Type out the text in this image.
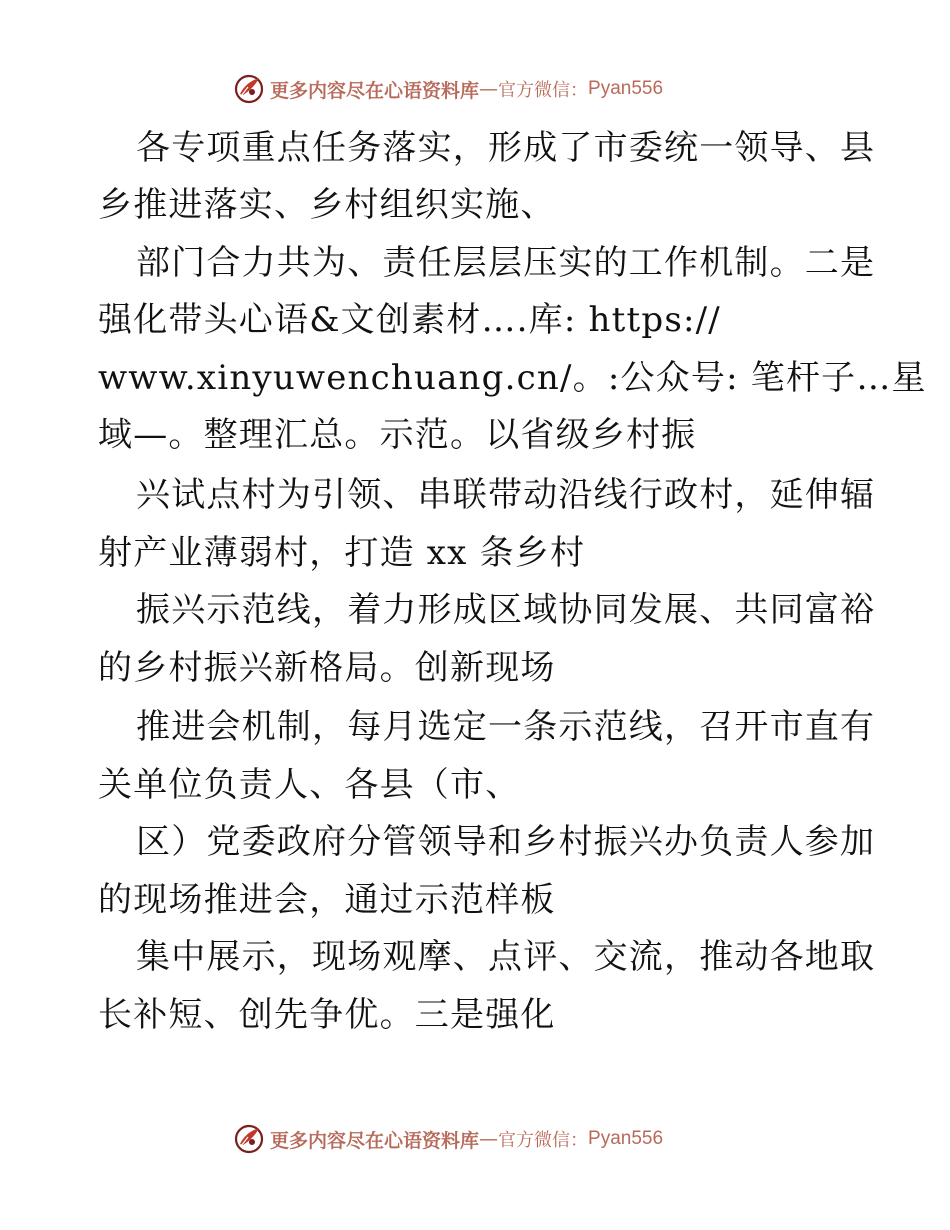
更多内容尽在心语资料库 — 官方微信： Pyan556
各专项重点任务落实，形成了市委统一领导、县
乡推进落实、乡村组织实施、
部门合力共为、责任层层压实的工作机制。二是
强化带头心语&文创素材….库: https://
www.xinyuwenchuang.cn/。:公众号: 笔杆子…星
域—。整理汇总。示范。以省级乡村振
兴试点村为引领、串联带动沿线行政村，延伸辐
射产业薄弱村，打造 xx 条乡村
振兴示范线，着力形成区域协同发展、共同富裕
的乡村振兴新格局。创新现场
推进会机制，每月选定一条示范线，召开市直有
关单位负责人、各县（市、
区）党委政府分管领导和乡村振兴办负责人参加
的现场推进会，通过示范样板
集中展示，现场观摩、点评、交流，推动各地取
长补短、创先争优。三是强化
更多内容尽在心语资料库 — 官方微信： Pyan556
